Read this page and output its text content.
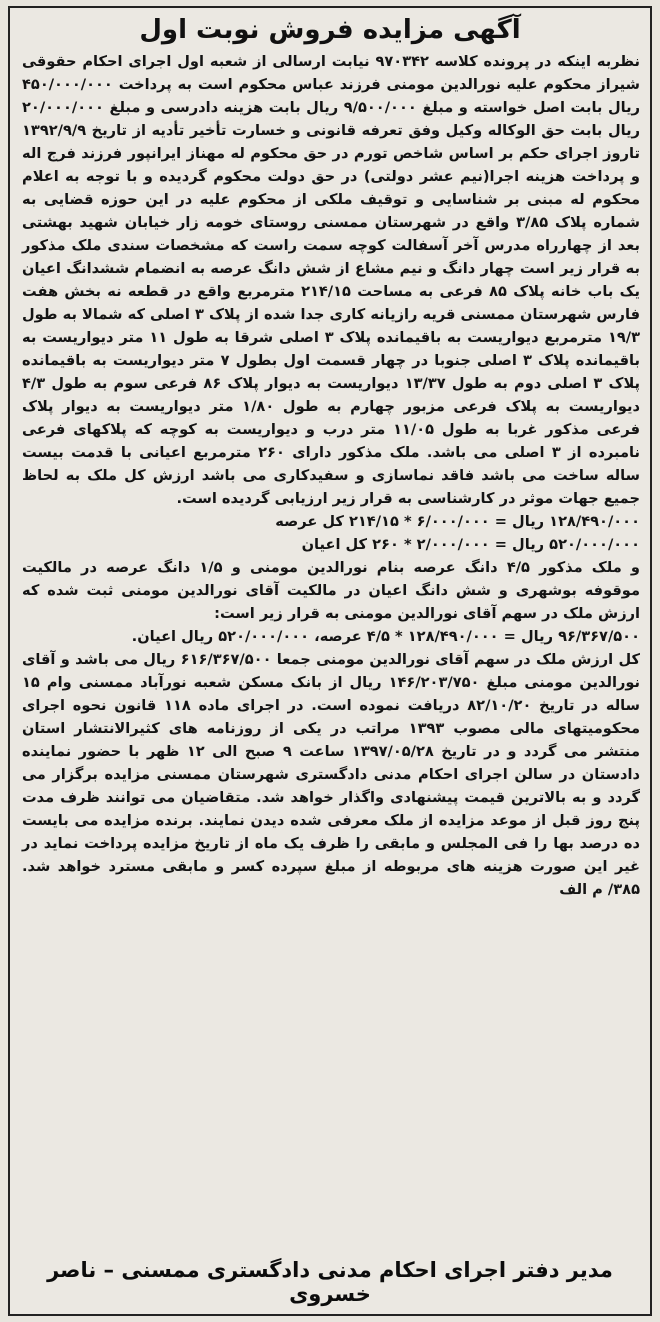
آگهی مزایده فروش نوبت اول

نظربه اینکه در پرونده کلاسه ۹۷۰۳۴۲ نیابت ارسالی از شعبه اول اجرای احکام حقوقی شیراز محکوم علیه نورالدین مومنی فرزند عباس محکوم است به پرداخت ۴۵۰/۰۰۰/۰۰۰ ریال بابت اصل خواسته و مبلغ ۹/۵۰۰/۰۰۰ ریال بابت هزینه دادرسی و مبلغ ۲۰/۰۰۰/۰۰۰ ریال بابت حق الوکاله وکیل وفق تعرفه قانونی و خسارت تأخیر تأدیه از تاریخ ۱۳۹۲/۹/۹ تاروز اجرای حکم بر اساس شاخص تورم در حق محکوم له مهناز ایرانپور فرزند فرج اله و پرداخت هزینه اجرا(نیم عشر دولتی) در حق دولت محکوم گردیده و با توجه به اعلام محکوم له مبنی بر شناسایی و توقیف ملکی از محکوم علیه در این حوزه قضایی به شماره پلاک ۳/۸۵ واقع در شهرستان ممسنی روستای خومه زار خیابان شهید بهشتی بعد از چهارراه مدرس آخر آسفالت کوچه سمت راست که مشخصات سندی ملک مذکور به قرار زیر است چهار دانگ و نیم مشاع از شش دانگ عرصه به انضمام ششدانگ اعیان یک باب خانه پلاک ۸۵ فرعی به مساحت ۲۱۴/۱۵ مترمربع واقع در قطعه نه بخش هفت فارس شهرستان ممسنی قریه رازیانه کاری جدا شده از پلاک ۳ اصلی که شمالا به طول ۱۹/۳ مترمربع دیواریست به باقیمانده پلاک ۳ اصلی شرقا به طول ۱۱ متر دیواریست به باقیمانده پلاک ۳ اصلی جنوبا در چهار قسمت اول بطول ۷ متر دیواریست به باقیمانده پلاک ۳ اصلی دوم به طول ۱۳/۳۷ دیواریست به دیوار پلاک ۸۶ فرعی سوم به طول ۴/۳ دیواریست به پلاک فرعی مزبور چهارم به طول ۱/۸۰ متر دیواریست به دیوار پلاک فرعی مذکور غربا به طول ۱۱/۰۵ متر درب و دیواریست به کوچه که پلاکهای فرعی نامبرده از ۳ اصلی می باشد. ملک مذکور دارای ۲۶۰ مترمربع اعیانی با قدمت بیست ساله ساخت می باشد فاقد نماسازی و سفیدکاری می باشد ارزش کل ملک به لحاظ جمیع جهات موثر در کارشناسی به قرار زیر ارزیابی گردیده است.

۱۲۸/۴۹۰/۰۰۰ ریال = ۶/۰۰۰/۰۰۰ * ۲۱۴/۱۵ کل عرصه

۵۲۰/۰۰۰/۰۰۰ ریال = ۲/۰۰۰/۰۰۰ * ۲۶۰ کل اعیان

و ملک مذکور ۴/۵ دانگ عرصه بنام نورالدین مومنی و ۱/۵ دانگ عرصه در مالکیت موقوفه بوشهری و شش دانگ اعیان در مالکیت آقای نورالدین مومنی ثبت شده که ارزش ملک در سهم آقای نورالدین مومنی به قرار زیر است:

۹۶/۳۶۷/۵۰۰ ریال = ۱۲۸/۴۹۰/۰۰۰ * ۴/۵ عرصه، ۵۲۰/۰۰۰/۰۰۰ ریال اعیان.

کل ارزش ملک در سهم آقای نورالدین مومنی جمعا ۶۱۶/۳۶۷/۵۰۰ ریال می باشد و آقای نورالدین مومنی مبلغ ۱۴۶/۲۰۳/۷۵۰ ریال از بانک مسکن شعبه نورآباد ممسنی وام ۱۵ ساله در تاریخ ۸۲/۱۰/۲۰ دریافت نموده است. در اجرای ماده ۱۱۸ قانون نحوه اجرای محکومیتهای مالی مصوب ۱۳۹۳ مراتب در یکی از روزنامه های کثیرالانتشار استان منتشر می گردد و در تاریخ ۱۳۹۷/۰۵/۲۸ ساعت ۹ صبح الی ۱۲ ظهر با حضور نماینده دادستان در سالن اجرای احکام مدنی دادگستری شهرستان ممسنی مزایده برگزار می گردد و به بالاترین قیمت پیشنهادی واگذار خواهد شد. متقاضیان می توانند ظرف مدت پنج روز قبل از موعد مزایده از ملک معرفی شده دیدن نمایند. برنده مزایده می بایست ده درصد بها را فی المجلس و مابقی را ظرف یک ماه از تاریخ مزایده پرداخت نماید در غیر این صورت هزینه های مربوطه از مبلغ سپرده کسر و مابقی مسترد خواهد شد. ۳۸۵/ م الف

مدیر دفتر اجرای احکام مدنی دادگستری ممسنی – ناصر خسروی
